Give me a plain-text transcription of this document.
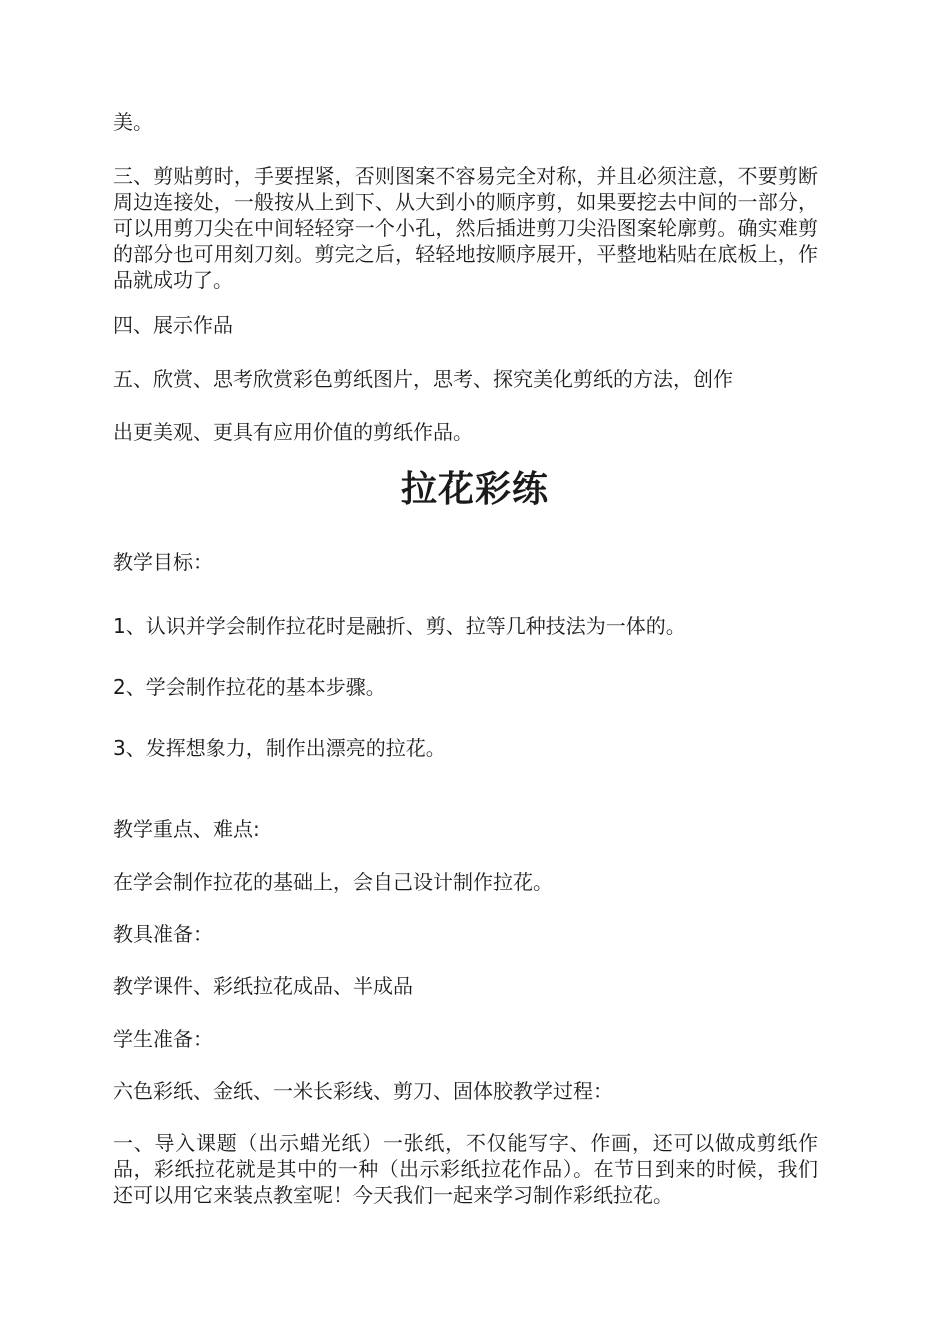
美。

三、剪贴剪时，手要捏紧，否则图案不容易完全对称，并且必须注意，不要剪断周边连接处，一般按从上到下、从大到小的顺序剪，如果要挖去中间的一部分，可以用剪刀尖在中间轻轻穿一个小孔，然后插进剪刀尖沿图案轮廓剪。确实难剪的部分也可用刻刀刻。剪完之后，轻轻地按顺序展开，平整地粘贴在底板上，作品就成功了。

四、展示作品

五、欣赏、思考欣赏彩色剪纸图片，思考、探究美化剪纸的方法，创作

出更美观、更具有应用价值的剪纸作品。

拉花彩练

教学目标：

1、认识并学会制作拉花时是融折、剪、拉等几种技法为一体的。

2、学会制作拉花的基本步骤。

3、发挥想象力，制作出漂亮的拉花。

教学重点、难点:

在学会制作拉花的基础上，会自己设计制作拉花。

教具准备：

教学课件、彩纸拉花成品、半成品

学生准备：

六色彩纸、金纸、一米长彩线、剪刀、固体胶教学过程：

一、导入课题（出示蜡光纸）一张纸，不仅能写字、作画，还可以做成剪纸作品，彩纸拉花就是其中的一种（出示彩纸拉花作品）。在节日到来的时候，我们还可以用它来装点教室呢！今天我们一起来学习制作彩纸拉花。
